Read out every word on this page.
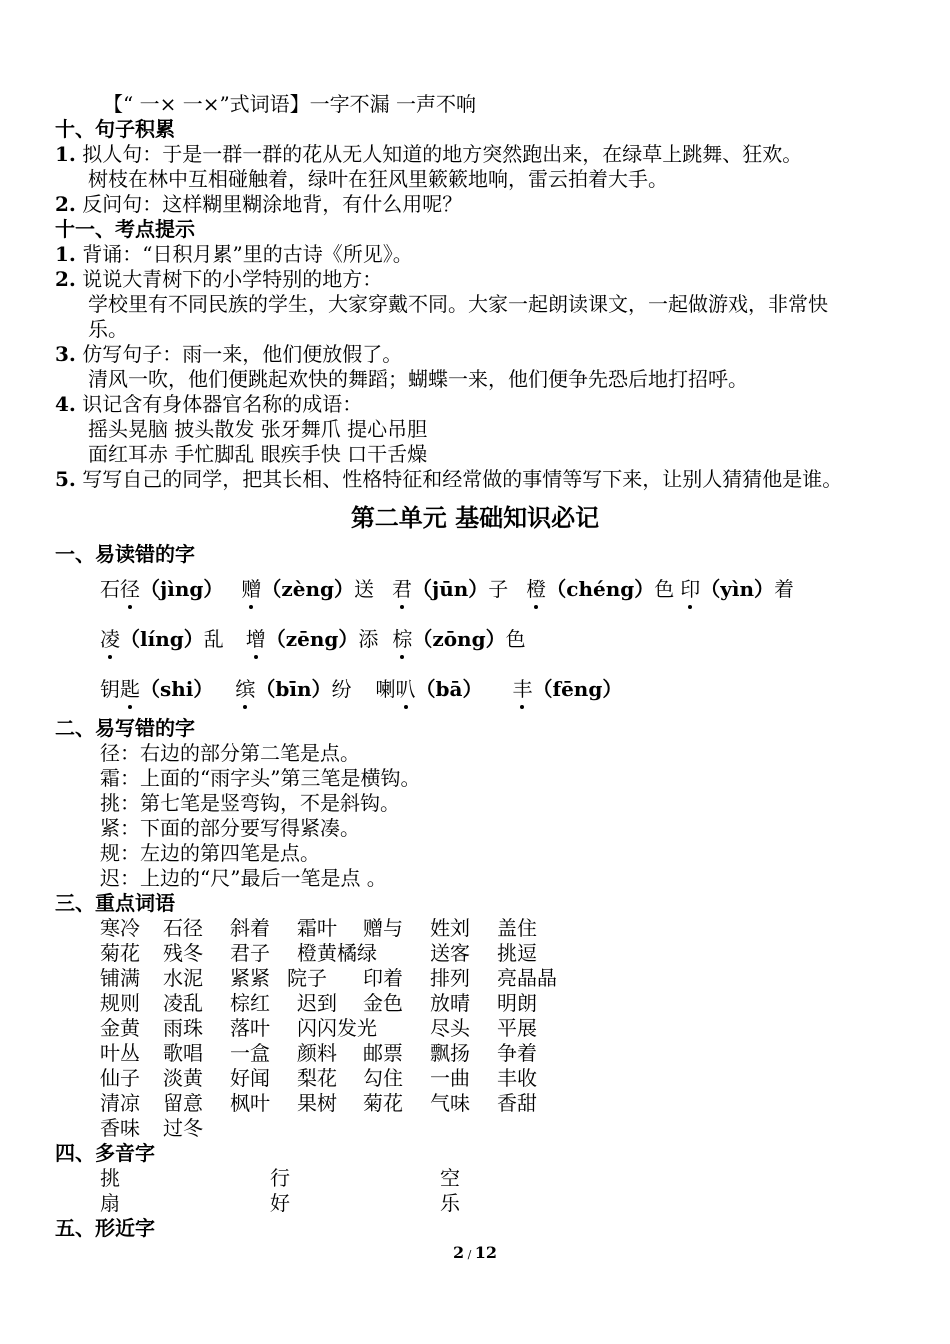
【“ 一× 一×”式词语】一字不漏 一声不响
十、句子积累
1. 拟人句：于是一群一群的花从无人知道的地方突然跑出来，在绿草上跳舞、狂欢。
树枝在林中互相碰触着，绿叶在狂风里簌簌地响，雷云拍着大手。
2. 反问句：这样糊里糊涂地背，有什么用呢？
十一、考点提示
1. 背诵：“日积月累”里的古诗《所见》。
2. 说说大青树下的小学特别的地方：
学校里有不同民族的学生，大家穿戴不同。大家一起朗读课文，一起做游戏，非常快
乐。
3. 仿写句子：雨一来，他们便放假了。
清风一吹，他们便跳起欢快的舞蹈；蝴蝶一来，他们便争先恐后地打招呼。
4. 识记含有身体器官名称的成语：
摇头晃脑 披头散发 张牙舞爪 提心吊胆
面红耳赤 手忙脚乱 眼疾手快 口干舌燥
5. 写写自己的同学，把其长相、性格特征和经常做的事情等写下来，让别人猜猜他是谁。
第二单元 基础知识必记
一、易读错的字
石径（jìng） 赠（zèng）送 君（jūn）子 橙（chéng）色 印（yìn）着
凌（líng）乱 增（zēng）添 棕（zōng）色
钥匙（shi） 缤（bīn）纷 喇叭（bā） 丰（fēng）
二、易写错的字
径：右边的部分第二笔是点。
霜：上面的“雨字头”第三笔是横钩。
挑：第七笔是竖弯钩，不是斜钩。
紧：下面的部分要写得紧凑。
规：左边的第四笔是点。
迟：上边的“尺”最后一笔是点 。
三、重点词语
寒冷 石径 斜着 霜叶 赠与 姓刘 盖住
菊花 残冬 君子 橙黄橘绿	送客 挑逗
铺满 水泥 紧紧 院子 印着 排列 亮晶晶
规则 凌乱 棕红 迟到 金色 放晴 明朗
金黄 雨珠 落叶 闪闪发光	尽头 平展
叶丛 歌唱 一盒 颜料 邮票 飘扬 争着
仙子 淡黄 好闻 梨花 勾住 一曲 丰收
清凉 留意 枫叶 果树 菊花 气味 香甜
香味 过冬
四、多音字
挑	行	空
扇	好	乐
五、形近字
2 / 12
